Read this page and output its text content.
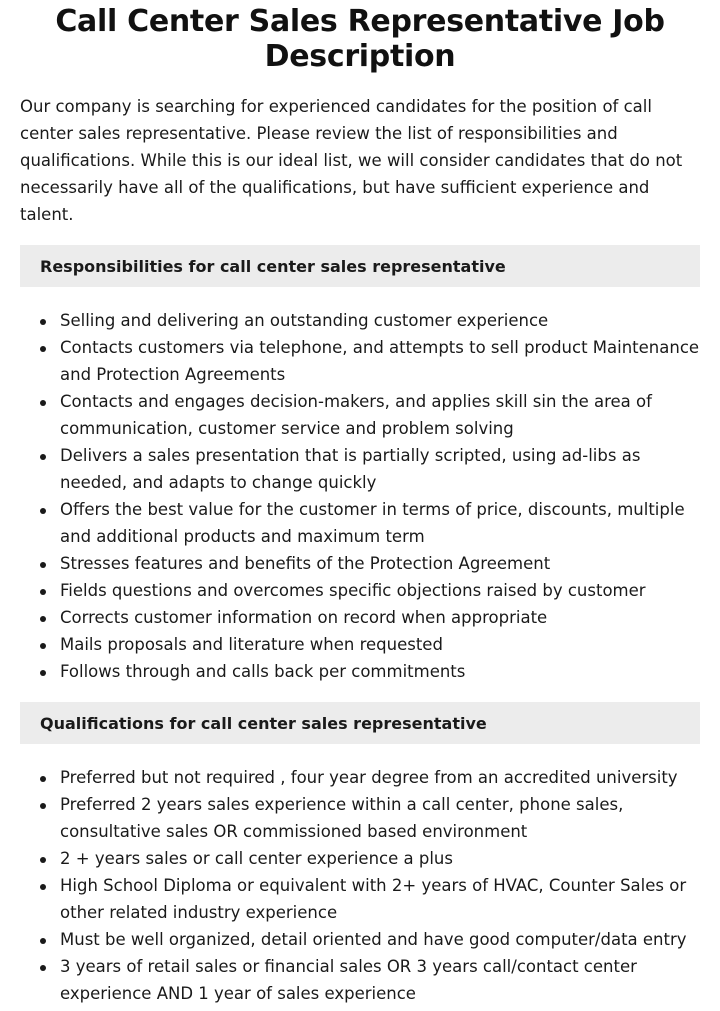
Call Center Sales Representative Job Description

Our company is searching for experienced candidates for the position of call center sales representative. Please review the list of responsibilities and qualifications. While this is our ideal list, we will consider candidates that do not necessarily have all of the qualifications, but have sufficient experience and talent.

Responsibilities for call center sales representative
Selling and delivering an outstanding customer experience
Contacts customers via telephone, and attempts to sell product Maintenance and Protection Agreements
Contacts and engages decision-makers, and applies skill sin the area of communication, customer service and problem solving
Delivers a sales presentation that is partially scripted, using ad-libs as needed, and adapts to change quickly
Offers the best value for the customer in terms of price, discounts, multiple and additional products and maximum term
Stresses features and benefits of the Protection Agreement
Fields questions and overcomes specific objections raised by customer
Corrects customer information on record when appropriate
Mails proposals and literature when requested
Follows through and calls back per commitments
Qualifications for call center sales representative
Preferred but not required , four year degree from an accredited university
Preferred 2 years sales experience within a call center, phone sales, consultative sales OR commissioned based environment
2 + years sales or call center experience a plus
High School Diploma or equivalent with 2+ years of HVAC, Counter Sales or other related industry experience
Must be well organized, detail oriented and have good computer/data entry
3 years of retail sales or financial sales OR 3 years call/contact center experience AND 1 year of sales experience
